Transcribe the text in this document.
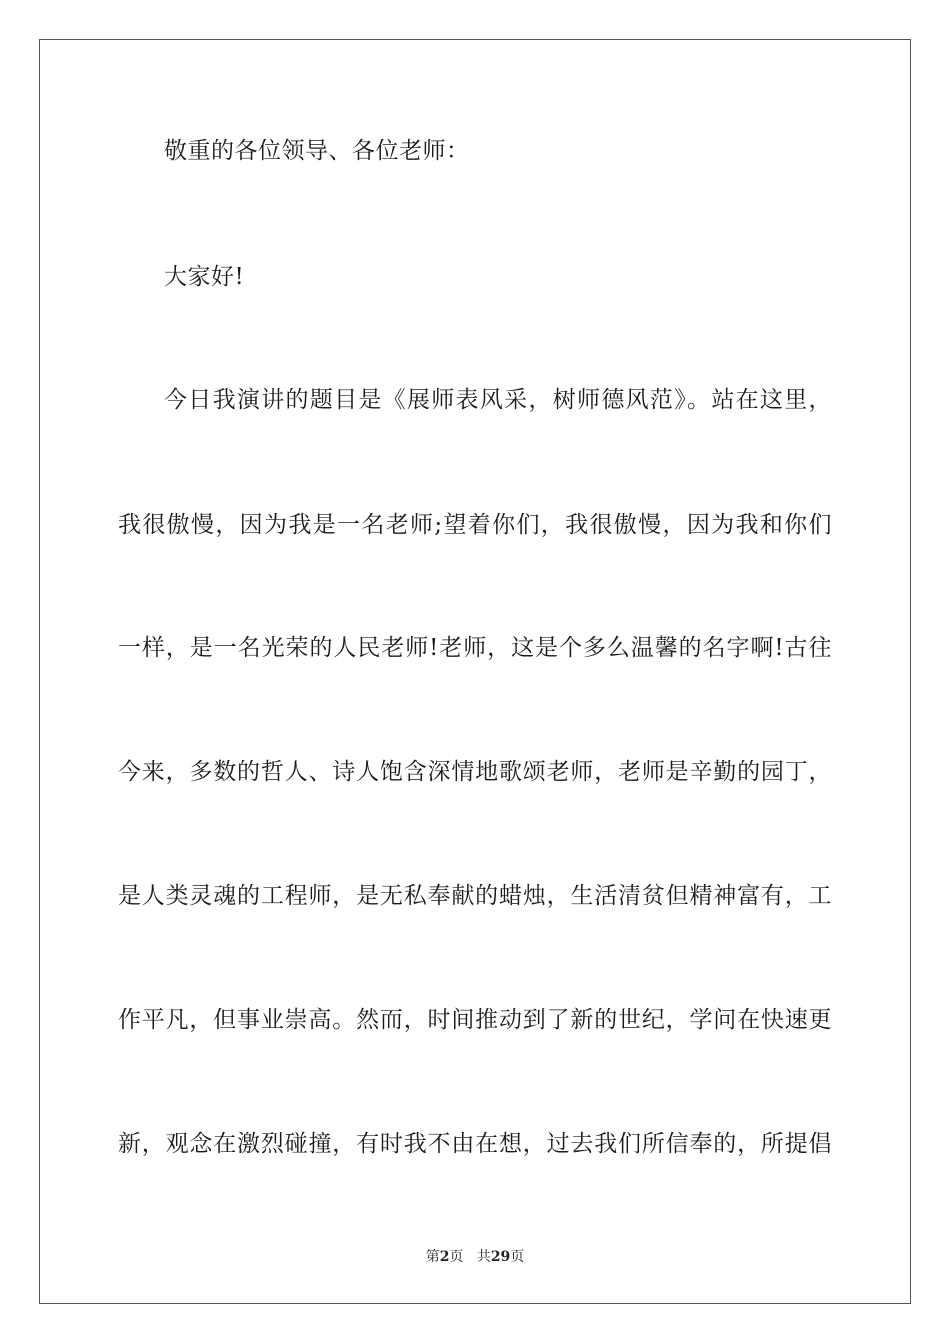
敬重的各位领导、各位老师：
大家好!
今日我演讲的题目是《展师表风采，树师德风范》。站在这里，
我很傲慢，因为我是一名老师;望着你们，我很傲慢，因为我和你们
一样，是一名光荣的人民老师!老师，这是个多么温馨的名字啊!古往
今来，多数的哲人、诗人饱含深情地歌颂老师，老师是辛勤的园丁，
是人类灵魂的工程师，是无私奉献的蜡烛，生活清贫但精神富有，工
作平凡，但事业崇高。然而，时间推动到了新的世纪，学问在快速更
新，观念在激烈碰撞，有时我不由在想，过去我们所信奉的，所提倡
第2页 共29页
